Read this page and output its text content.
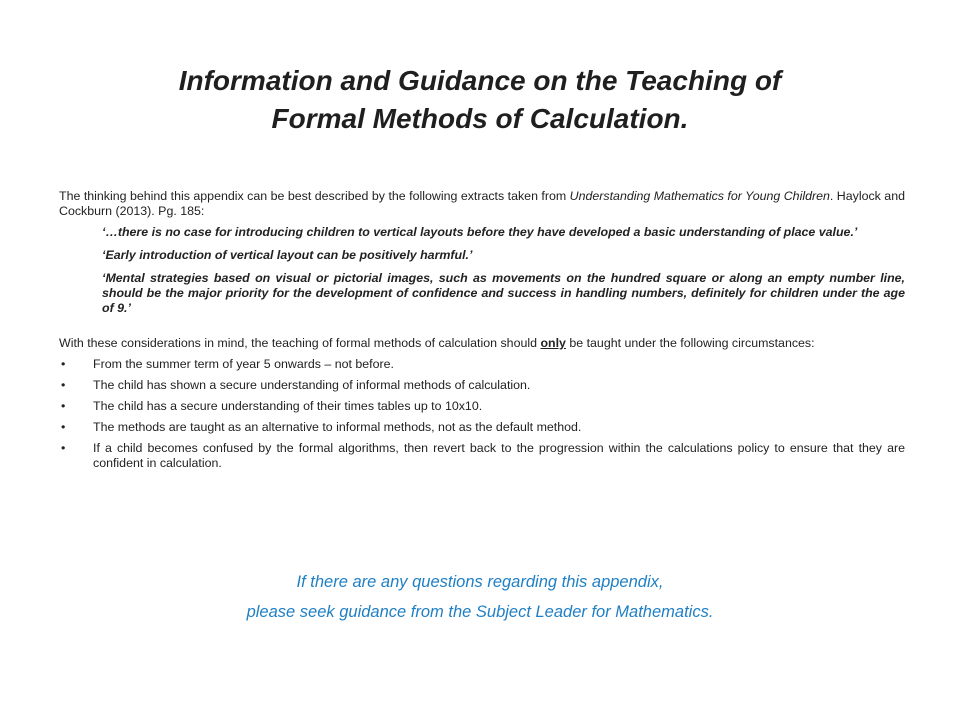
Information and Guidance on the Teaching of
Formal Methods of Calculation.

The thinking behind this appendix can be best described by the following extracts taken from Understanding Mathematics for Young Children. Haylock and Cockburn (2013). Pg. 185:

‘…there is no case for introducing children to vertical layouts before they have developed a basic understanding of place value.’

‘Early introduction of vertical layout can be positively harmful.’

‘Mental strategies based on visual or pictorial images, such as movements on the hundred square or along an empty number line, should be the major priority for the development of confidence and success in handling numbers, definitely for children under the age of 9.’

With these considerations in mind, the teaching of formal methods of calculation should only be taught under the following circumstances:

• From the summer term of year 5 onwards – not before.
• The child has shown a secure understanding of informal methods of calculation.
• The child has a secure understanding of their times tables up to 10x10.
• The methods are taught as an alternative to informal methods, not as the default method.
• If a child becomes confused by the formal algorithms, then revert back to the progression within the calculations policy to ensure that they are confident in calculation.

If there are any questions regarding this appendix,

please seek guidance from the Subject Leader for Mathematics.
